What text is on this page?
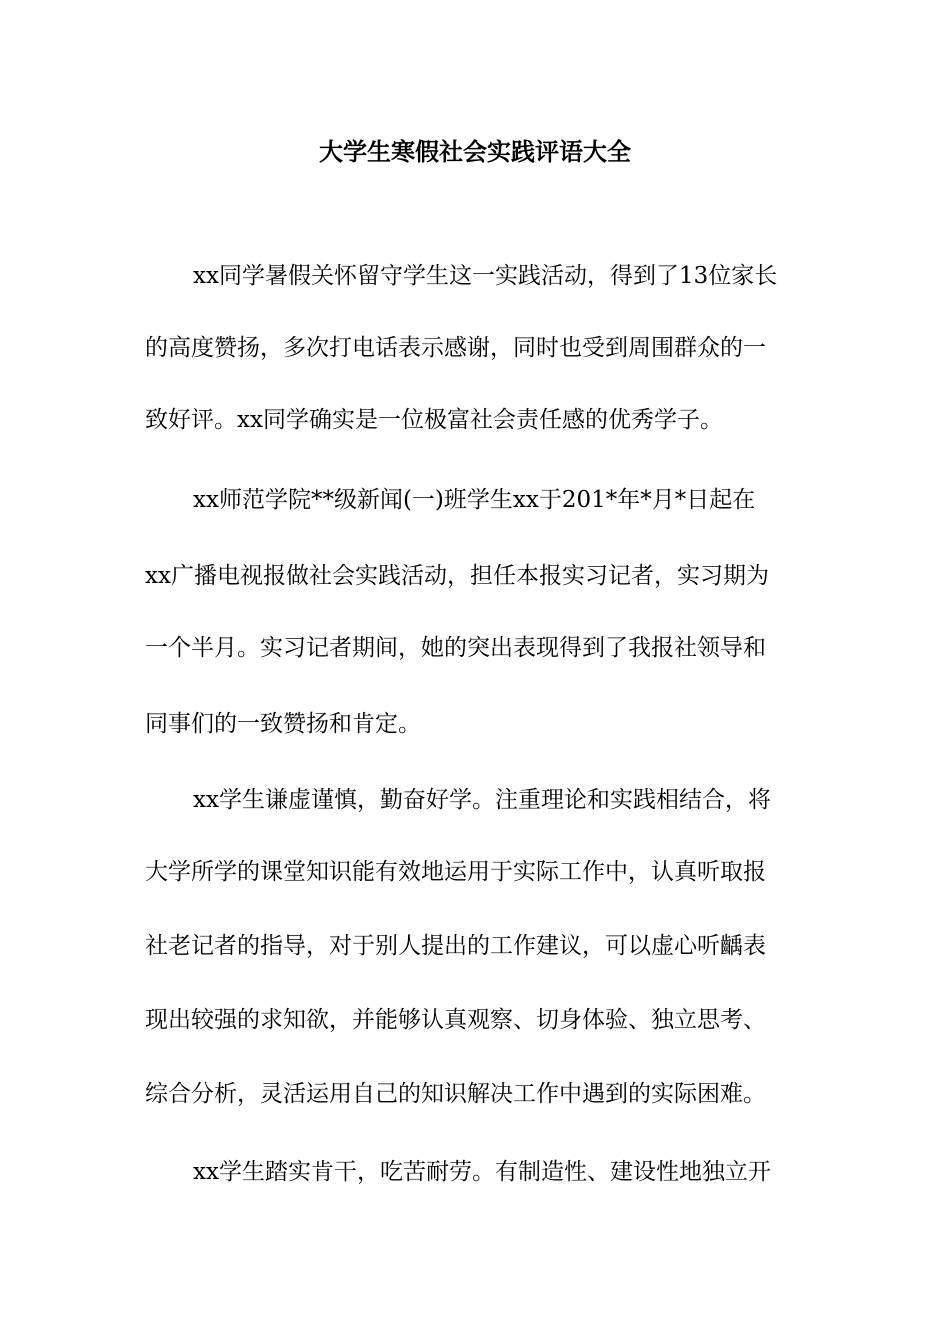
大学生寒假社会实践评语大全

xx同学暑假关怀留守学生这一实践活动，得到了13位家长

的高度赞扬，多次打电话表示感谢，同时也受到周围群众的一

致好评。xx同学确实是一位极富社会责任感的优秀学子。

xx师范学院**级新闻(一)班学生xx于201*年*月*日起在

xx广播电视报做社会实践活动，担任本报实习记者，实习期为

一个半月。实习记者期间，她的突出表现得到了我报社领导和

同事们的一致赞扬和肯定。

xx学生谦虚谨慎，勤奋好学。注重理论和实践相结合，将

大学所学的课堂知识能有效地运用于实际工作中，认真听取报

社老记者的指导，对于别人提出的工作建议，可以虚心听齲表

现出较强的求知欲，并能够认真观察、切身体验、独立思考、

综合分析，灵活运用自己的知识解决工作中遇到的实际困难。

xx学生踏实肯干，吃苦耐劳。有制造性、建设性地独立开
